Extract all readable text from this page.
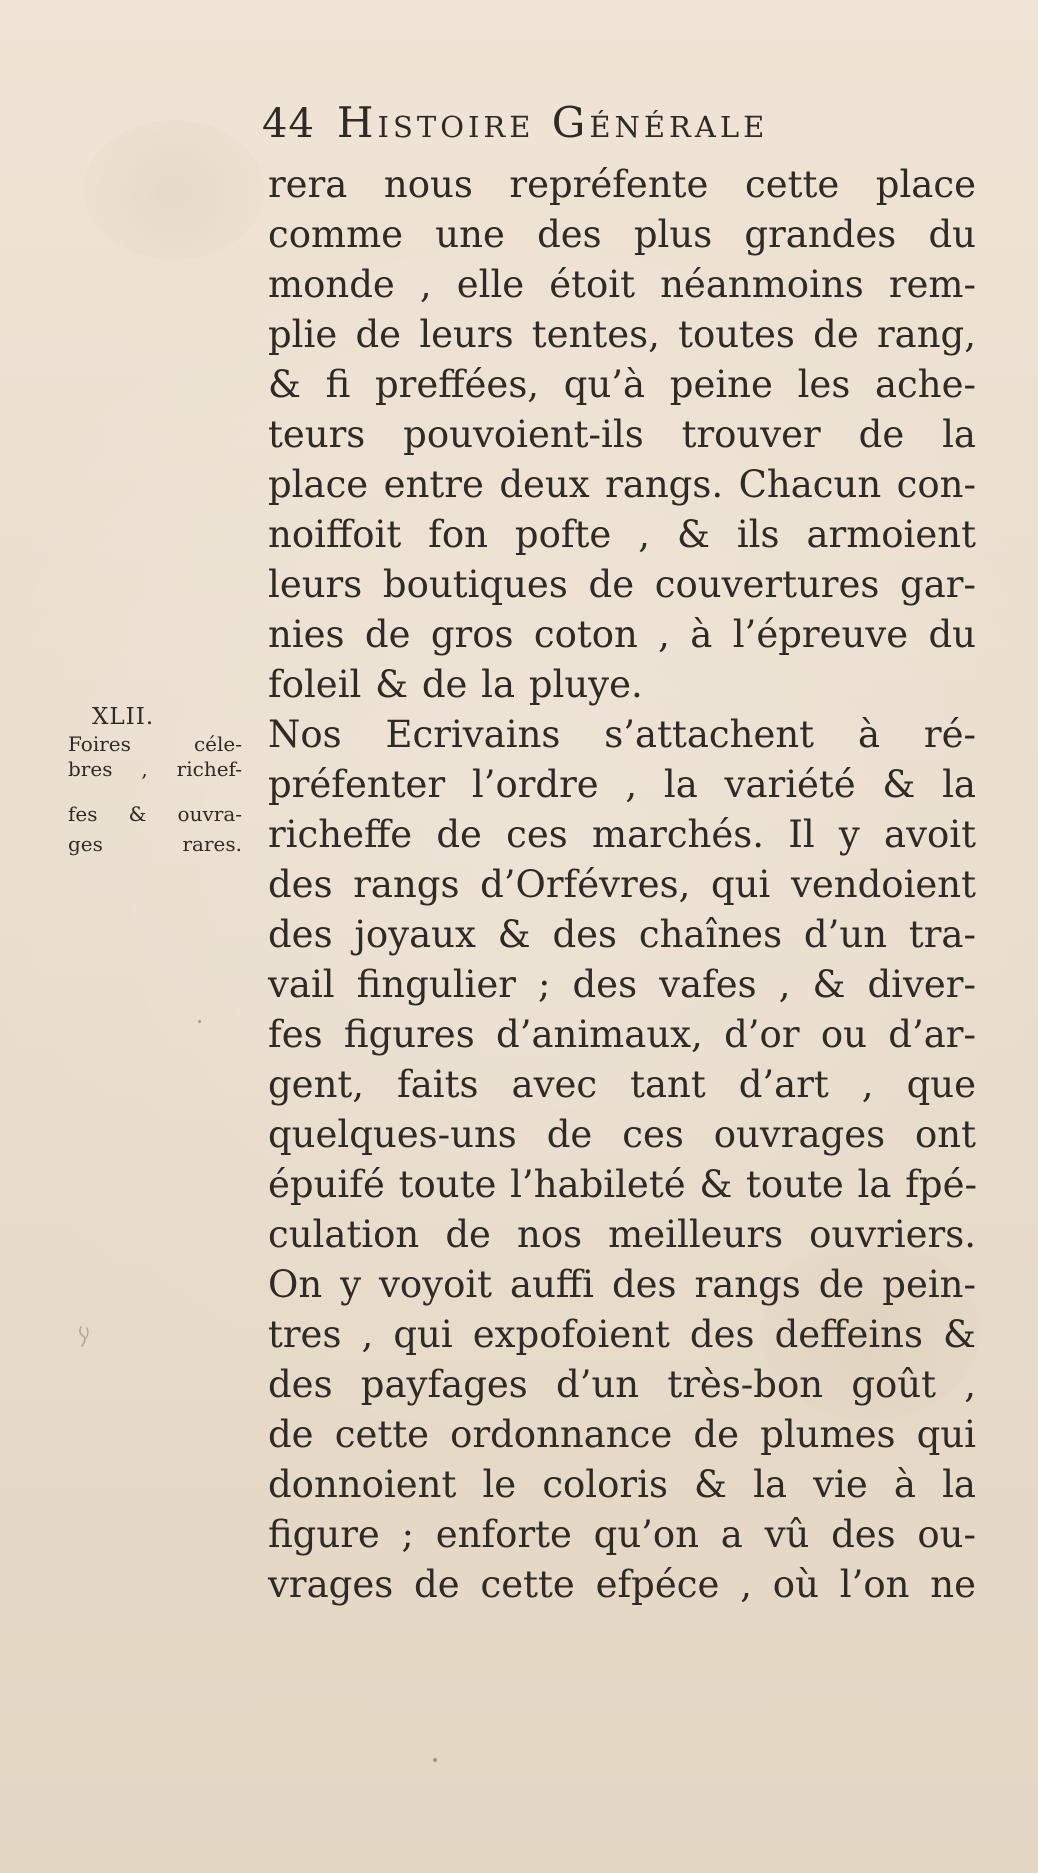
44 Histoire Générale
rera nous repréfente cette place
comme une des plus grandes du
monde , elle étoit néanmoins rem-
plie de leurs tentes, toutes de rang,
& fi preffées, qu’à peine les ache-
teurs pouvoient-ils trouver de la
place entre deux rangs. Chacun con-
noiffoit fon pofte , & ils armoient
leurs boutiques de couvertures gar-
nies de gros coton , à l’épreuve du
foleil & de la pluye.
XLII.
Foires céle-
bres , richef-
fes & ouvra-
ges rares.
Nos Ecrivains s’attachent à ré-
préfenter l’ordre , la variété & la
richeffe de ces marchés. Il y avoit
des rangs d’Orfévres, qui vendoient
des joyaux & des chaînes d’un tra-
vail fingulier ; des vafes , & diver-
fes figures d’animaux, d’or ou d’ar-
gent, faits avec tant d’art , que
quelques-uns de ces ouvrages ont
épuifé toute l’habileté & toute la fpé-
culation de nos meilleurs ouvriers.
On y voyoit auffi des rangs de pein-
tres , qui expofoient des deffeins &
des payfages d’un très-bon goût ,
de cette ordonnance de plumes qui
donnoient le coloris & la vie à la
figure ; enforte qu’on a vû des ou-
vrages de cette efpéce , où l’on ne
